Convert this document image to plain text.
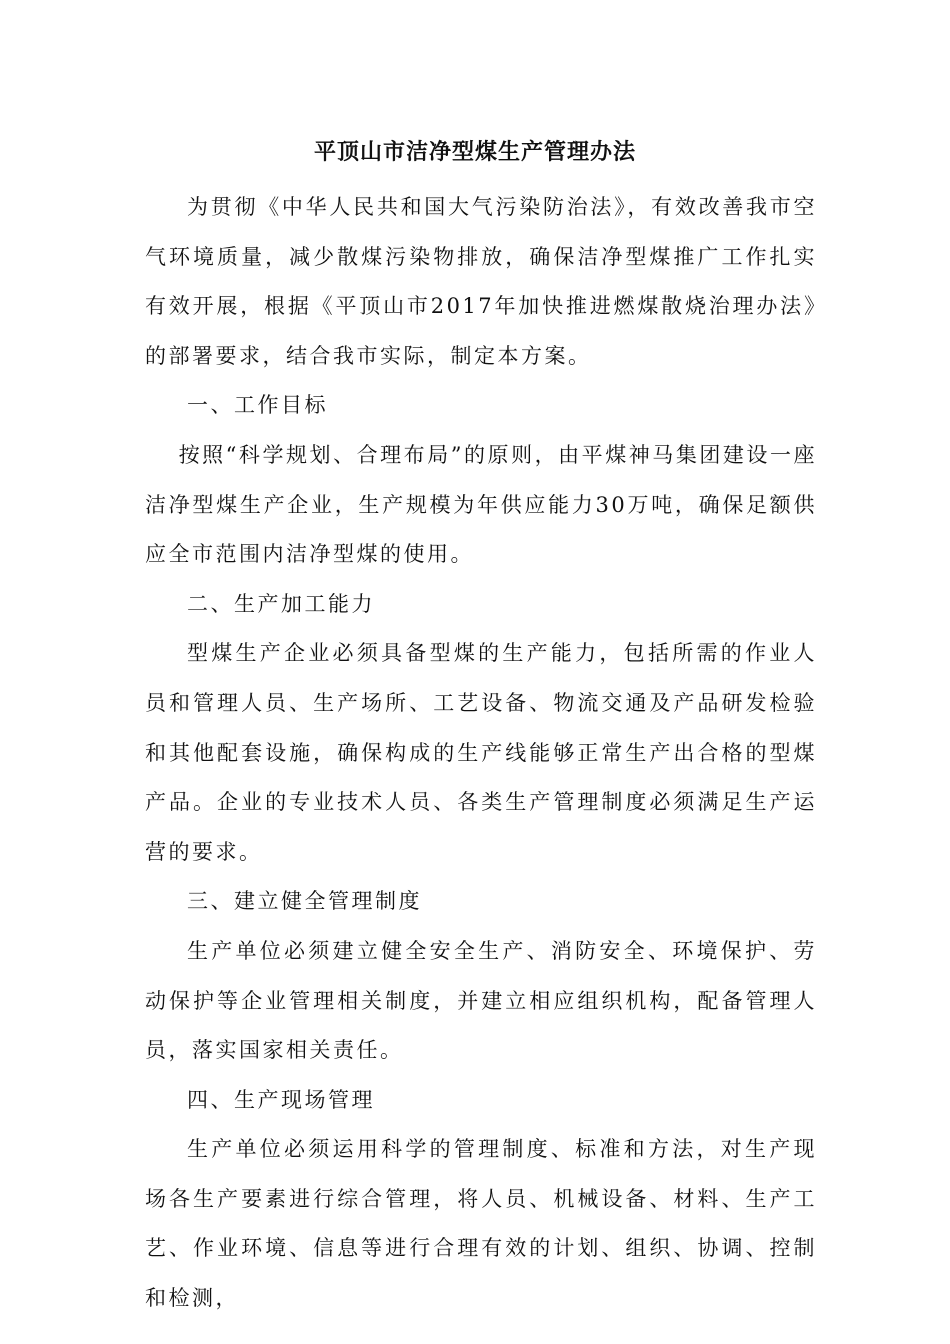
平顶山市洁净型煤生产管理办法

为贯彻《中华人民共和国大气污染防治法》，有效改善我市空气环境质量，减少散煤污染物排放，确保洁净型煤推广工作扎实有效开展，根据《平顶山市2017年加快推进燃煤散烧治理办法》的部署要求，结合我市实际，制定本方案。

一、工作目标

按照“科学规划、合理布局”的原则，由平煤神马集团建设一座洁净型煤生产企业，生产规模为年供应能力30万吨，确保足额供应全市范围内洁净型煤的使用。

二、生产加工能力

型煤生产企业必须具备型煤的生产能力，包括所需的作业人员和管理人员、生产场所、工艺设备、物流交通及产品研发检验和其他配套设施，确保构成的生产线能够正常生产出合格的型煤产品。企业的专业技术人员、各类生产管理制度必须满足生产运营的要求。

三、建立健全管理制度

生产单位必须建立健全安全生产、消防安全、环境保护、劳动保护等企业管理相关制度，并建立相应组织机构，配备管理人员，落实国家相关责任。

四、生产现场管理

生产单位必须运用科学的管理制度、标准和方法，对生产现场各生产要素进行综合管理，将人员、机械设备、材料、生产工艺、作业环境、信息等进行合理有效的计划、组织、协调、控制和检测，
